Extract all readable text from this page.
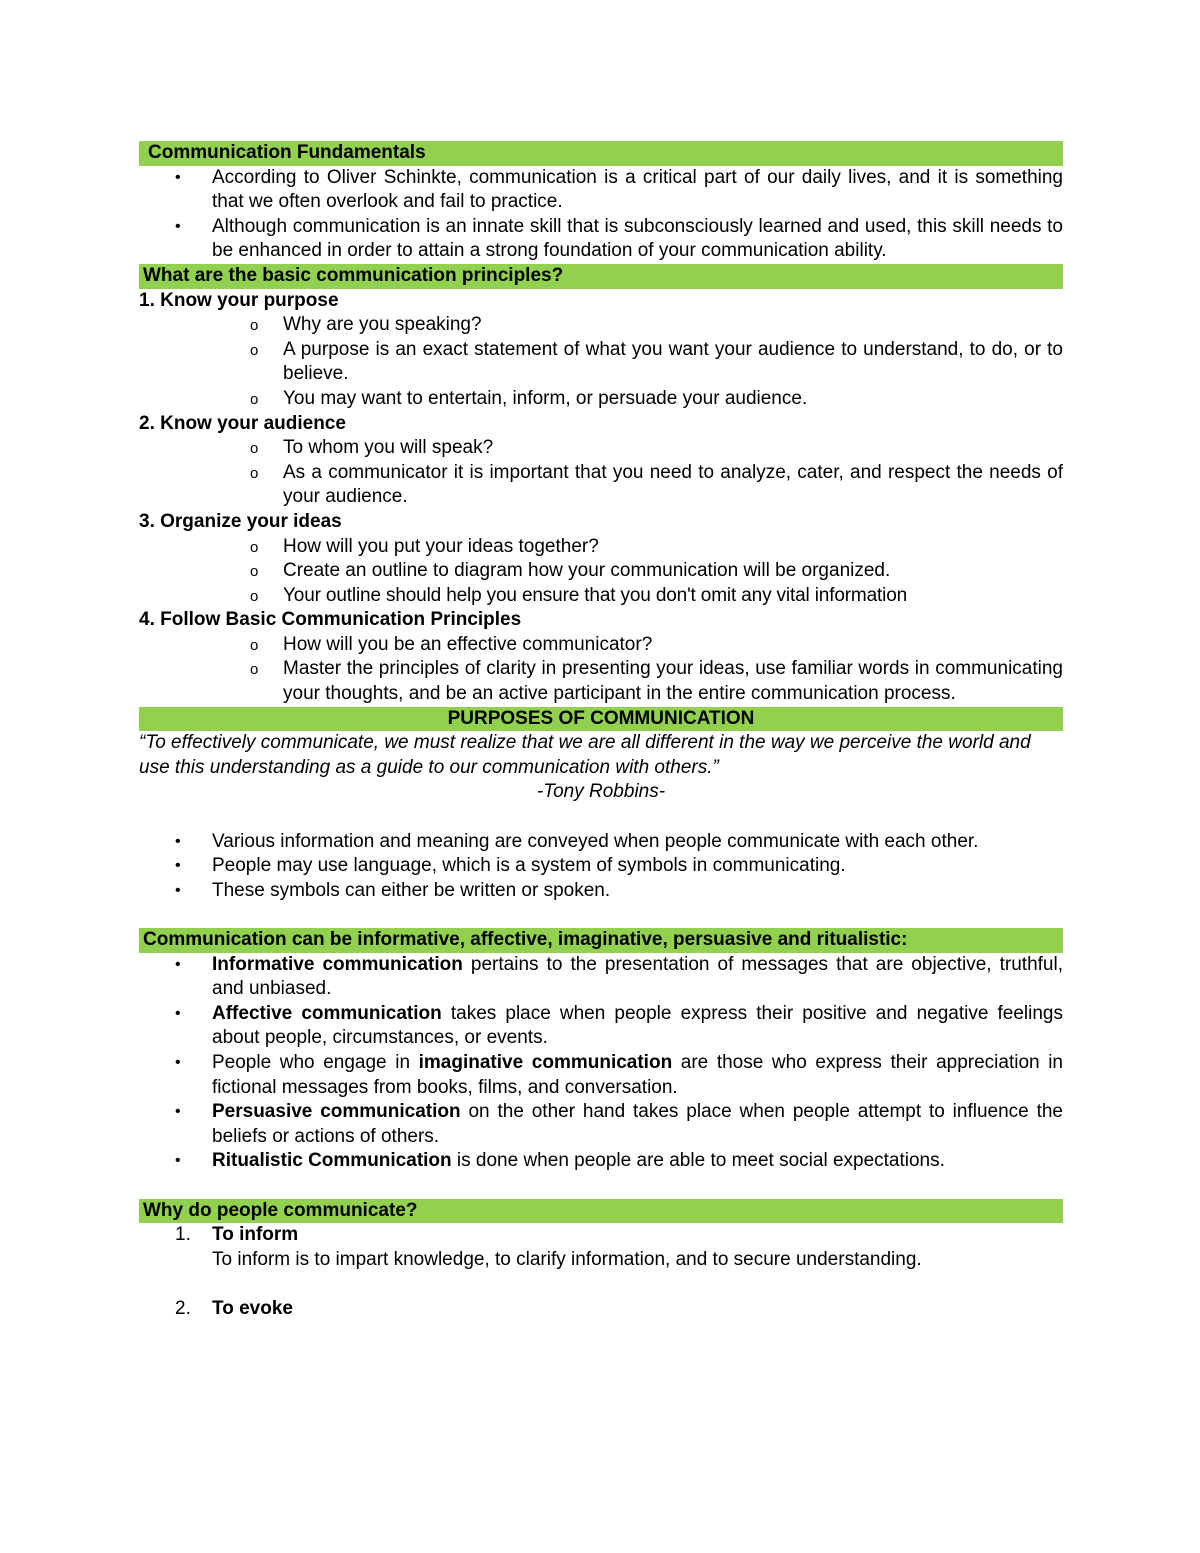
Communication Fundamentals
• According to Oliver Schinkte, communication is a critical part of our daily lives, and it is something that we often overlook and fail to practice.
• Although communication is an innate skill that is subconsciously learned and used, this skill needs to be enhanced in order to attain a strong foundation of your communication ability.
What are the basic communication principles?
1. Know your purpose
o Why are you speaking?
o A purpose is an exact statement of what you want your audience to understand, to do, or to believe.
o You may want to entertain, inform, or persuade your audience.
2. Know your audience
o To whom you will speak?
o As a communicator it is important that you need to analyze, cater, and respect the needs of your audience.
3. Organize your ideas
o How will you put your ideas together?
o Create an outline to diagram how your communication will be organized.
o Your outline should help you ensure that you don't omit any vital information
4. Follow Basic Communication Principles
o How will you be an effective communicator?
o Master the principles of clarity in presenting your ideas, use familiar words in communicating your thoughts, and be an active participant in the entire communication process.
PURPOSES OF COMMUNICATION
“To effectively communicate, we must realize that we are all different in the way we perceive the world and use this understanding as a guide to our communication with others.”
-Tony Robbins-
• Various information and meaning are conveyed when people communicate with each other.
• People may use language, which is a system of symbols in communicating.
• These symbols can either be written or spoken.
Communication can be informative, affective, imaginative, persuasive and ritualistic:
• Informative communication pertains to the presentation of messages that are objective, truthful, and unbiased.
• Affective communication takes place when people express their positive and negative feelings about people, circumstances, or events.
• People who engage in imaginative communication are those who express their appreciation in fictional messages from books, films, and conversation.
• Persuasive communication on the other hand takes place when people attempt to influence the beliefs or actions of others.
• Ritualistic Communication is done when people are able to meet social expectations.
Why do people communicate?
1. To inform
To inform is to impart knowledge, to clarify information, and to secure understanding.
2. To evoke
